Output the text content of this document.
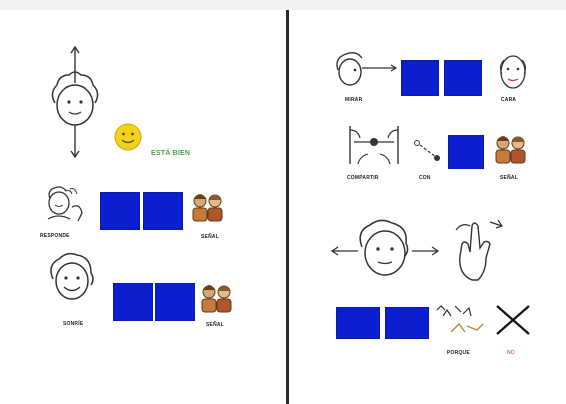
ESTÁ BIEN
RESPONDE	SEÑAL
SONRÍE	SEÑAL
MIRAR	CARA
COMPARTIR	CON	SEÑAL
PORQUE	NO
